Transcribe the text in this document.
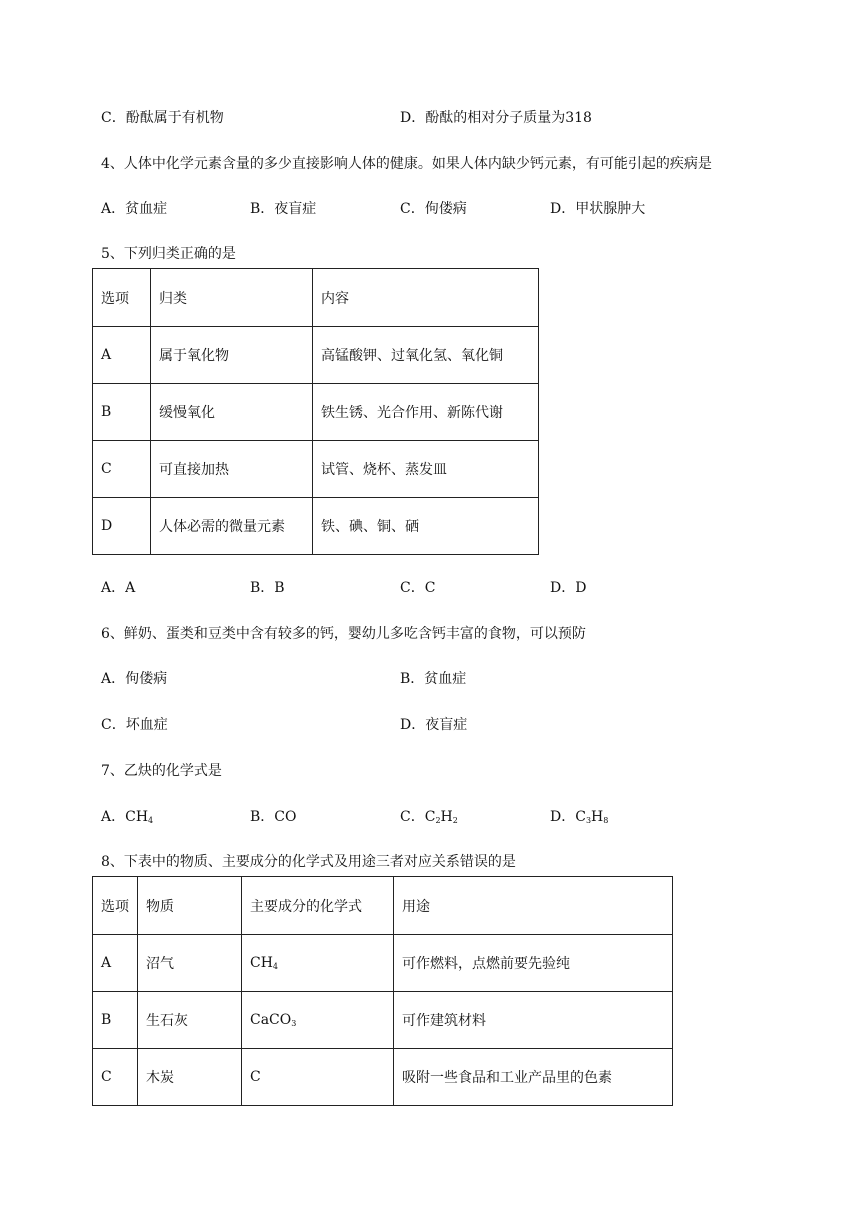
C．酚酞属于有机物	D．酚酞的相对分子质量为318
4、人体中化学元素含量的多少直接影响人体的健康。如果人体内缺少钙元素，有可能引起的疾病是
A．贫血症	B．夜盲症	C．佝偻病	D．甲状腺肿大
5、下列归类正确的是
选项	归类	内容
A	属于氧化物	高锰酸钾、过氧化氢、氧化铜
B	缓慢氧化	铁生锈、光合作用、新陈代谢
C	可直接加热	试管、烧杯、蒸发皿
D	人体必需的微量元素	铁、碘、铜、硒
A．A	B．B	C．C	D．D
6、鲜奶、蛋类和豆类中含有较多的钙，婴幼儿多吃含钙丰富的食物，可以预防
A．佝偻病	B．贫血症
C．坏血症	D．夜盲症
7、乙炔的化学式是
A．$CH_4$	B．CO	C．$C_2H_2$	D．$C_3H_8$
8、下表中的物质、主要成分的化学式及用途三者对应关系错误的是
选项	物质	主要成分的化学式	用途
A	沼气	$CH_4$	可作燃料，点燃前要先验纯
B	生石灰	CaCO$_3$	可作建筑材料
C	木炭	C	吸附一些食品和工业产品里的色素
